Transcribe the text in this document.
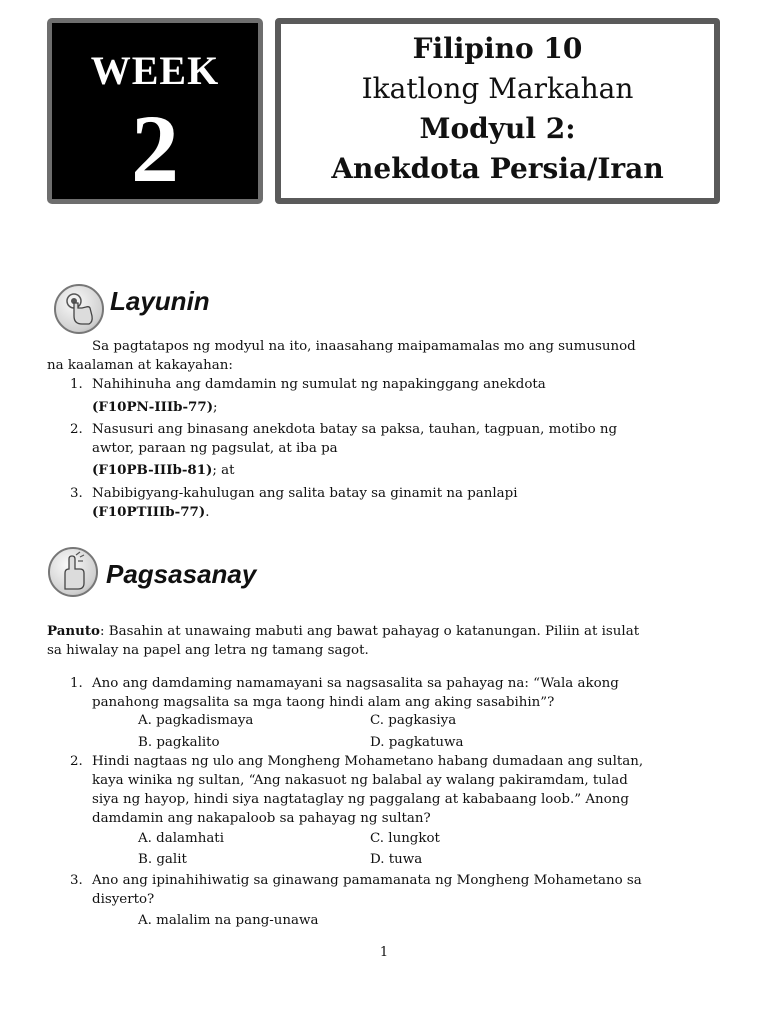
WEEK
2
Filipino 10
Ikatlong Markahan
Modyul 2:
Anekdota Persia/Iran
Layunin
Sa pagtatapos ng modyul na ito, inaasahang maipamamalas mo ang sumusunod
na kaalaman at kakayahan:
1. Nahihinuha ang damdamin ng sumulat ng napakinggang anekdota
(F10PN-IIIb-77);
2. Nasusuri ang binasang anekdota batay sa paksa, tauhan, tagpuan, motibo ng
awtor, paraan ng pagsulat, at iba pa
(F10PB-IIIb-81); at
3. Nabibigyang-kahulugan ang salita batay sa ginamit na panlapi
(F10PTIIIb-77).
Pagsasanay
Panuto: Basahin at unawaing mabuti ang bawat pahayag o katanungan. Piliin at isulat
sa hiwalay na papel ang letra ng tamang sagot.
1. Ano ang damdaming namamayani sa nagsasalita sa pahayag na: “Wala akong
panahong magsalita sa mga taong hindi alam ang aking sasabihin”?
A. pagkadismaya	C. pagkasiya
B. pagkalito	D. pagkatuwa
2. Hindi nagtaas ng ulo ang Mongheng Mohametano habang dumadaan ang sultan,
kaya winika ng sultan, “Ang nakasuot ng balabal ay walang pakiramdam, tulad
siya ng hayop, hindi siya nagtataglay ng paggalang at kababaang loob.” Anong
damdamin ang nakapaloob sa pahayag ng sultan?
A. dalamhati	C. lungkot
B. galit	D. tuwa
3. Ano ang ipinahihiwatig sa ginawang pamamanata ng Mongheng Mohametano sa
disyerto?
A. malalim na pang-unawa
1
